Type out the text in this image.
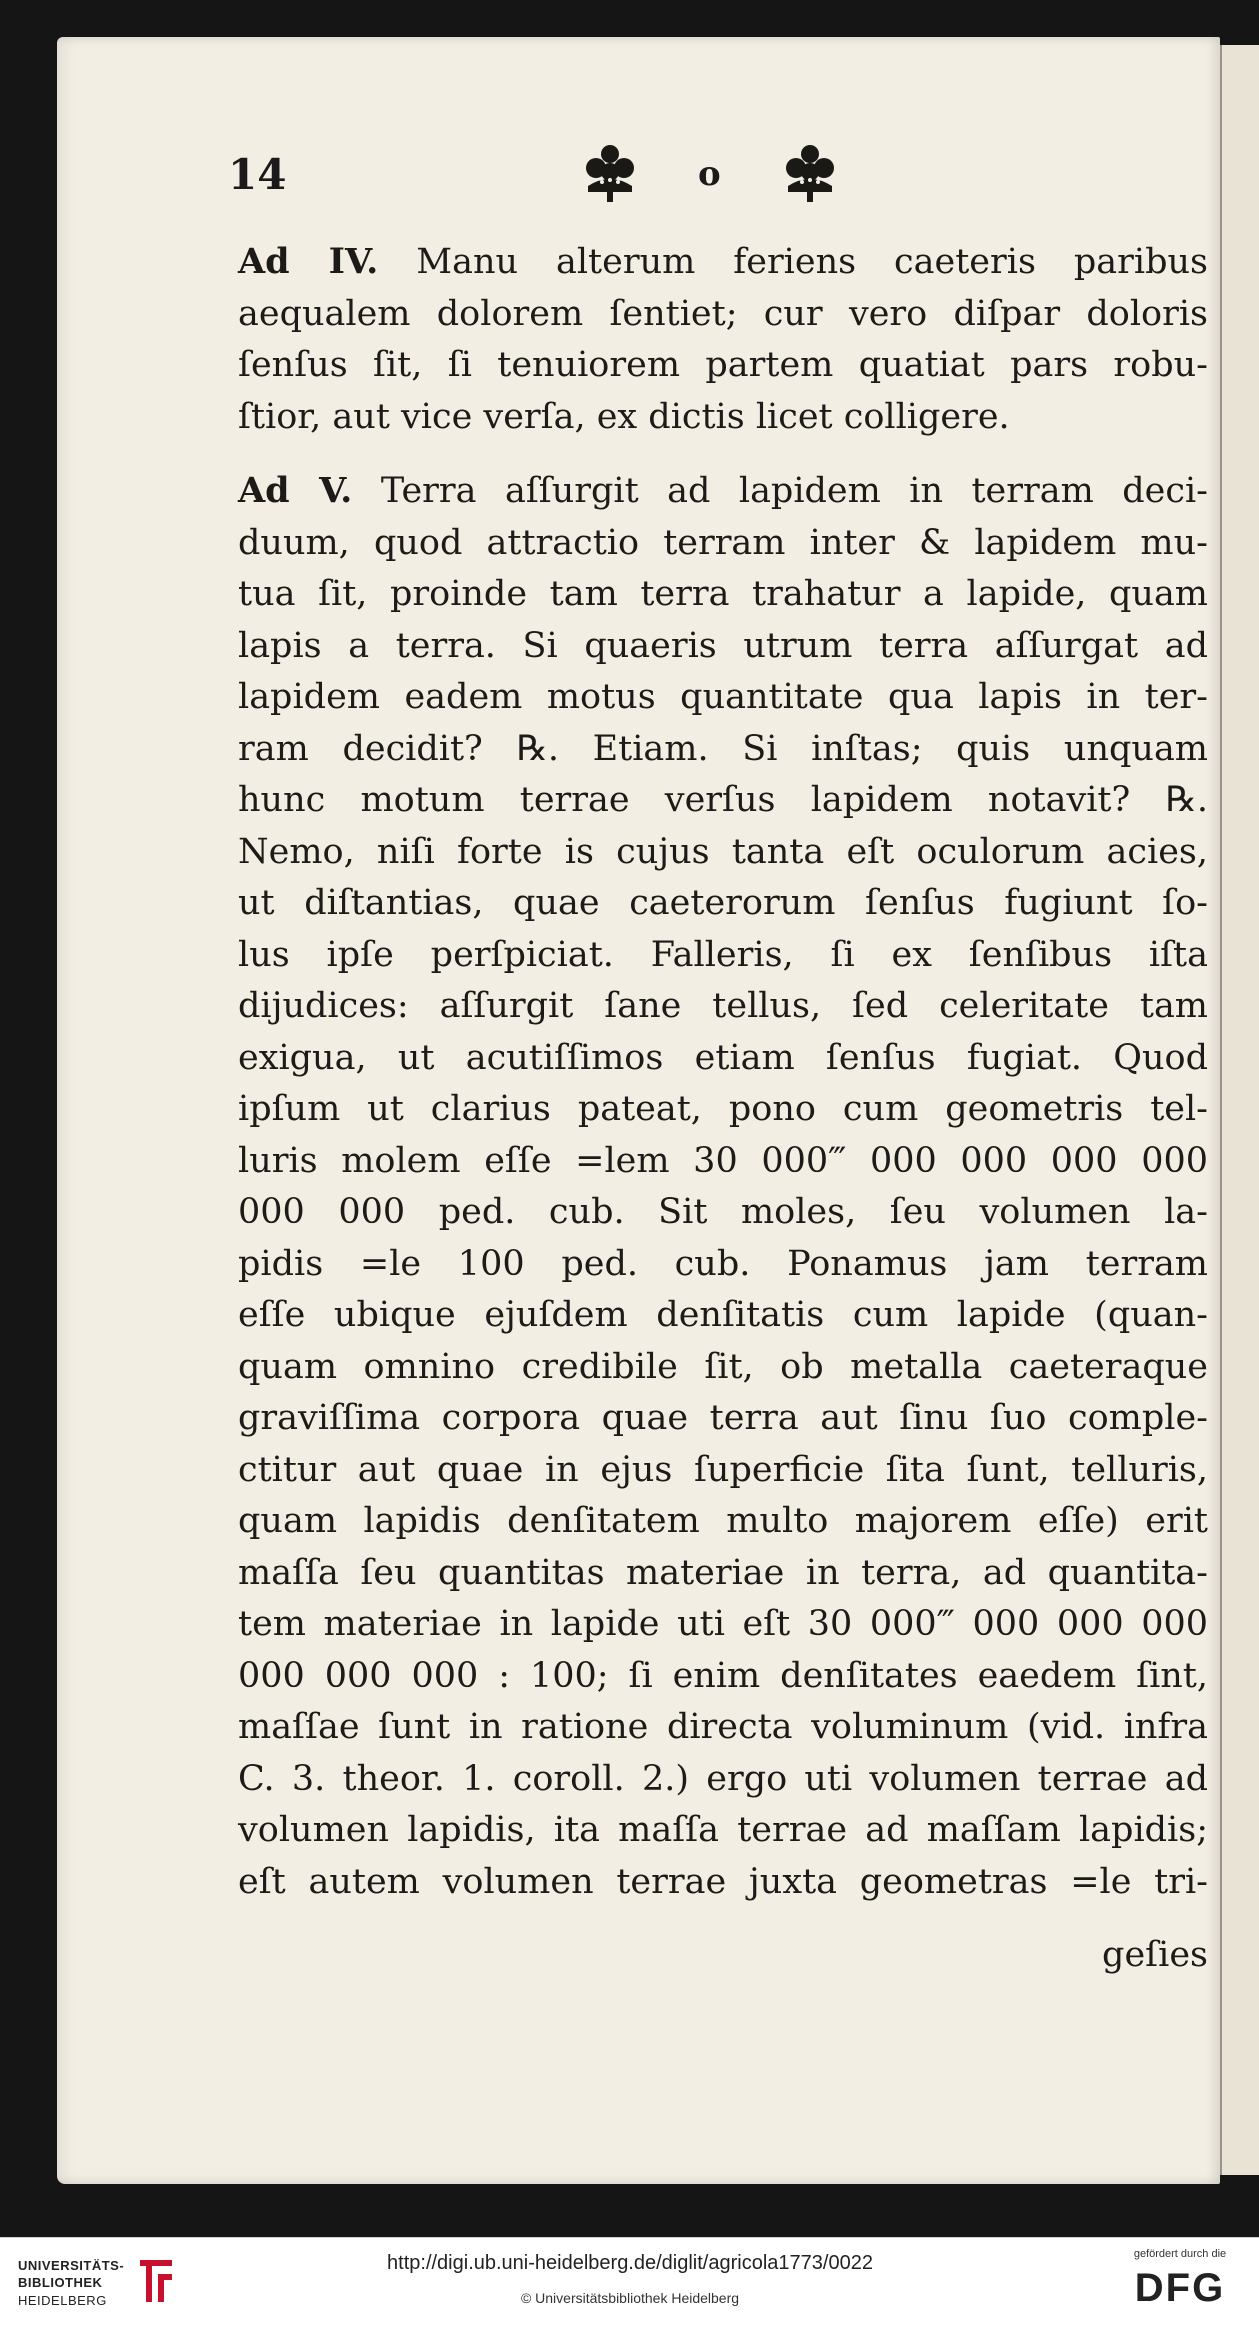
14	o
Ad IV. Manu alterum feriens caeteris paribus
aequalem dolorem ſentiet; cur vero diſpar doloris
ſenſus ſit, ſi tenuiorem partem quatiat pars robu-
ſtior, aut vice verſa, ex dictis licet colligere.
Ad V. Terra aſſurgit ad lapidem in terram deci-
duum, quod attractio terram inter & lapidem mu-
tua ſit, proinde tam terra trahatur a lapide, quam
lapis a terra. Si quaeris utrum terra aſſurgat ad
lapidem eadem motus quantitate qua lapis in ter-
ram decidit? ℞. Etiam. Si inſtas; quis unquam
hunc motum terrae verſus lapidem notavit? ℞.
Nemo, niſi forte is cujus tanta eſt oculorum acies,
ut diſtantias, quae caeterorum ſenſus fugiunt ſo-
lus ipſe perſpiciat. Falleris, ſi ex ſenſibus iſta
dijudices: aſſurgit ſane tellus, ſed celeritate tam
exigua, ut acutiſſimos etiam ſenſus fugiat. Quod
ipſum ut clarius pateat, pono cum geometris tel-
luris molem eſſe =lem 30 000‴ 000 000 000 000
000 000 ped. cub. Sit moles, ſeu volumen la-
pidis =le 100 ped. cub. Ponamus jam terram
eſſe ubique ejuſdem denſitatis cum lapide (quan-
quam omnino credibile ſit, ob metalla caeteraque
graviſſima corpora quae terra aut ſinu ſuo comple-
ctitur aut quae in ejus ſuperficie ſita ſunt, telluris,
quam lapidis denſitatem multo majorem eſſe) erit
maſſa ſeu quantitas materiae in terra, ad quantita-
tem materiae in lapide uti eſt 30 000‴ 000 000 000
000 000 000 : 100; ſi enim denſitates eaedem ſint,
maſſae ſunt in ratione directa voluminum (vid. infra
C. 3. theor. 1. coroll. 2.) ergo uti volumen terrae ad
volumen lapidis, ita maſſa terrae ad maſſam lapidis;
eſt autem volumen terrae juxta geometras =le tri-
geſies
UNIVERSITÄTS-
BIBLIOTHEK
HEIDELBERG
http://digi.ub.uni-heidelberg.de/diglit/agricola1773/0022
© Universitätsbibliothek Heidelberg
gefördert durch die
DFG
